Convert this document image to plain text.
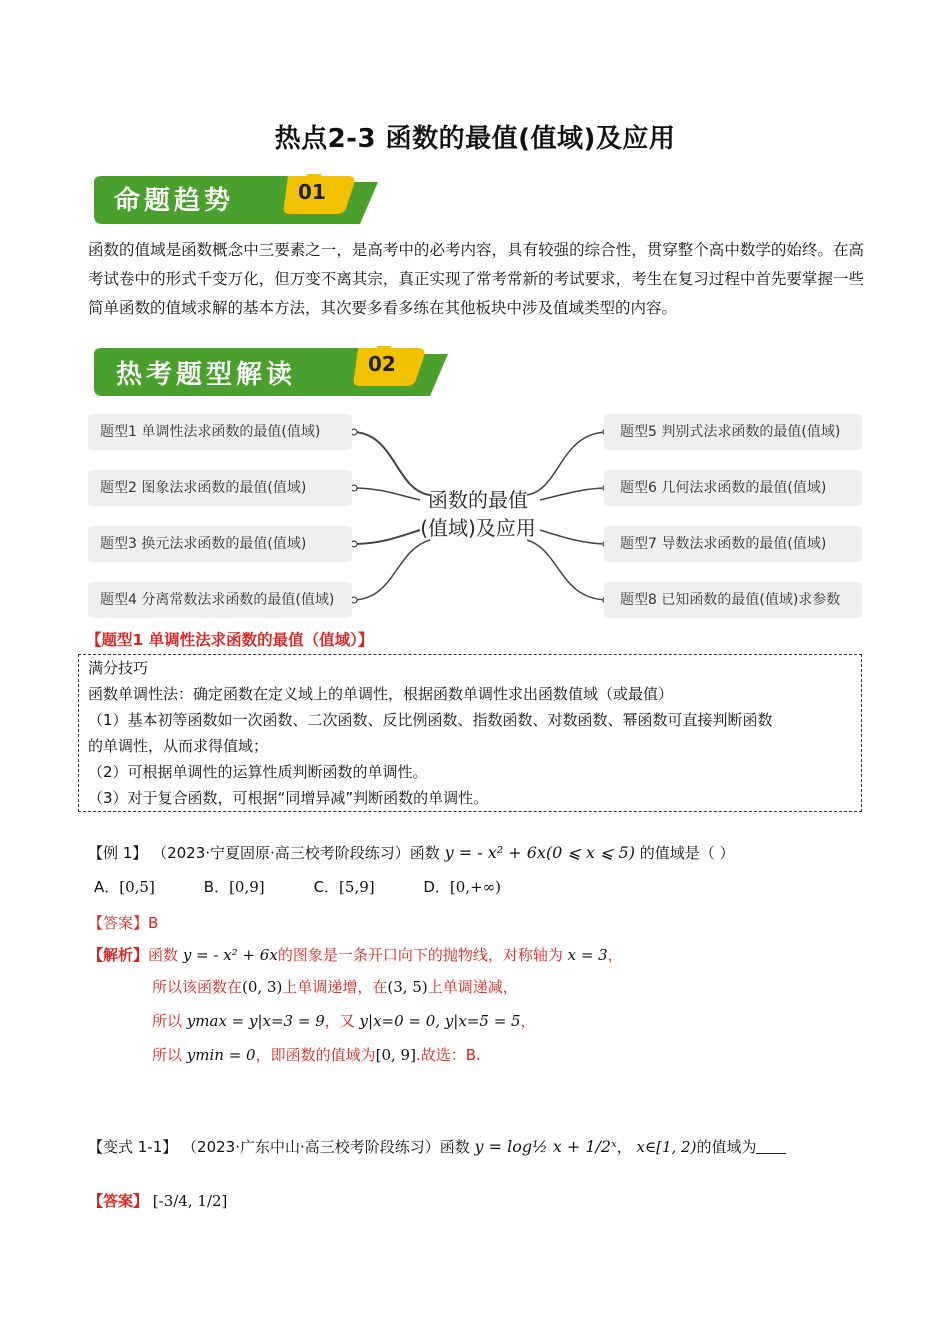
热点2-3 函数的最值(值域)及应用
命题趋势	01
函数的值域是函数概念中三要素之一，是高考中的必考内容，具有较强的综合性，贯穿整个高中数学的始终。在高考试卷中的形式千变万化，但万变不离其宗，真正实现了常考常新的考试要求，考生在复习过程中首先要掌握一些简单函数的值域求解的基本方法，其次要多看多练在其他板块中涉及值域类型的内容。
热考题型解读	02
题型1 单调性法求函数的最值(值域)
题型2 图象法求函数的最值(值域)
题型3 换元法求函数的最值(值域)
题型4 分离常数法求函数的最值(值域)
题型5 判别式法求函数的最值(值域)
题型6 几何法求函数的最值(值域)
题型7 导数法求函数的最值(值域)
题型8 已知函数的最值(值域)求参数
函数的最值
(值域)及应用
【题型1 单调性法求函数的最值（值域）】
满分技巧
函数单调性法：确定函数在定义域上的单调性，根据函数单调性求出函数值域（或最值）
（1）基本初等函数如一次函数、二次函数、反比例函数、指数函数、对数函数、幂函数可直接判断函数
的单调性，从而求得值域；
（2）可根据单调性的运算性质判断函数的单调性。
（3）对于复合函数，可根据“同增异减”判断函数的单调性。
【例 1】 （2023·宁夏固原·高三校考阶段练习）函数 y = - x² + 6x(0 ⩽ x ⩽ 5) 的值域是（ ）
A．[0,5]	B．[0,9]	C．[5,9]	D．[0,+∞)
【答案】B
【解析】函数 y = - x² + 6x的图象是一条开口向下的抛物线，对称轴为 x = 3，
所以该函数在(0, 3)上单调递增，在(3, 5)上单调递减，
所以 ymax = y|x=3 = 9，又 y|x=0 = 0, y|x=5 = 5，
所以 ymin = 0，即函数的值域为[0, 9].故选：B.
【变式 1-1】 （2023·广东中山·高三校考阶段练习）函数 y = log½ x + 1/2ˣ， x∈[1, 2)的值域为
【答案】 [-3/4, 1/2]
